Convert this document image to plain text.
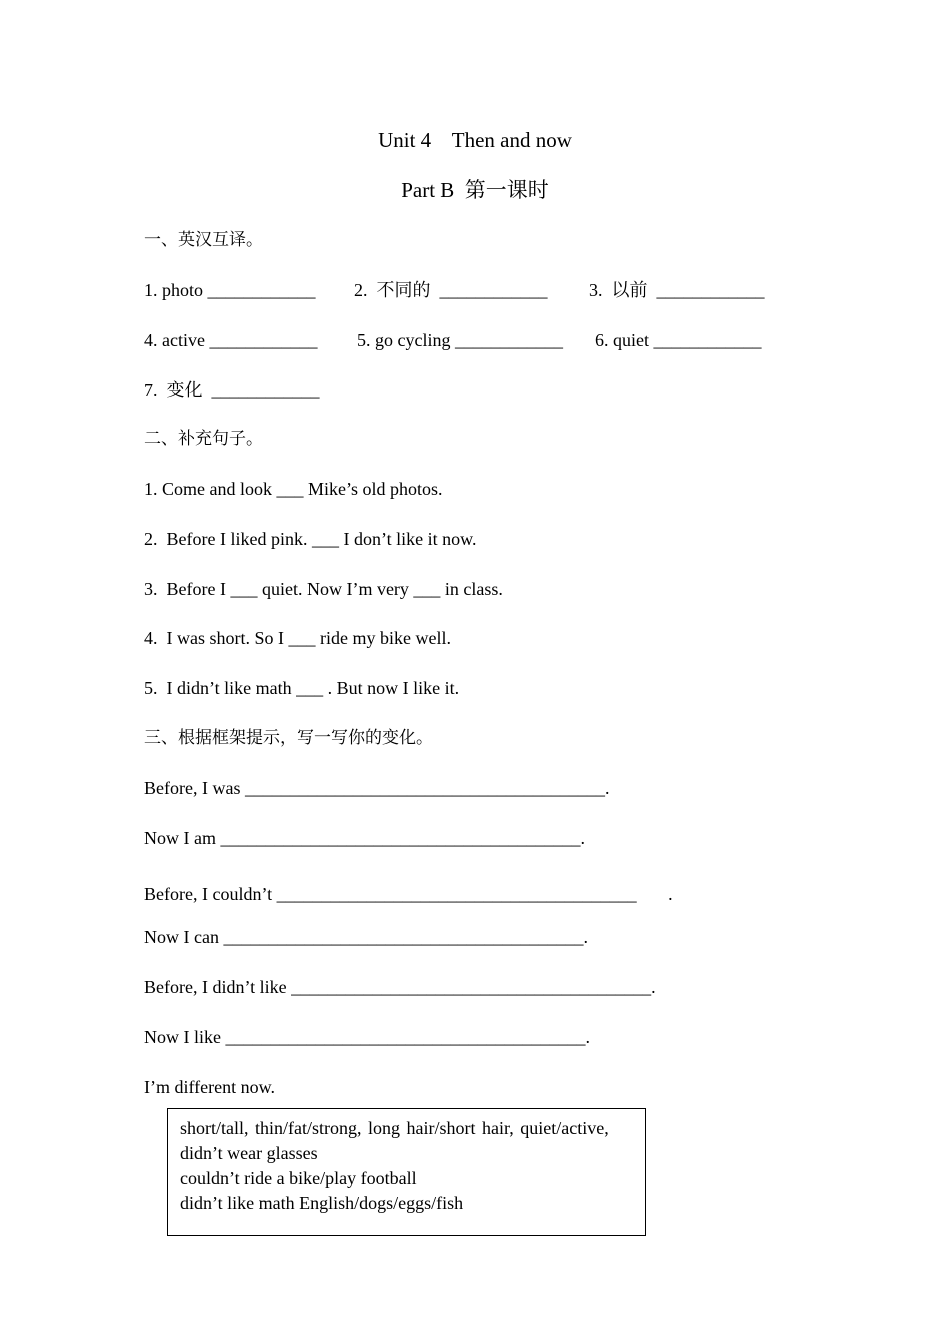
Unit 4    Then and now
Part B  第一课时
一、英汉互译。
1. photo ____________ 2.  不同的  ____________ 3.  以前  ____________
4. active ____________ 5. go cycling ____________ 6. quiet ____________
7.  变化  ____________
二、补充句子。
1. Come and look ___ Mike’s old photos.
2.  Before I liked pink. ___ I don’t like it now.
3.  Before I ___ quiet. Now I’m very ___ in class.
4.  I was short. So I ___ ride my bike well.
5.  I didn’t like math ___ . But now I like it.
三、根据框架提示，写一写你的变化。
Before, I was ________________________________________.
Now I am ________________________________________.
Before, I couldn’t ________________________________________       .
Now I can ________________________________________.
Before, I didn’t like ________________________________________.
Now I like ________________________________________.
I’m different now.
short/tall, thin/fat/strong, long hair/short hair, quiet/active,
didn’t wear glasses
couldn’t ride a bike/play football
didn’t like math English/dogs/eggs/fish
